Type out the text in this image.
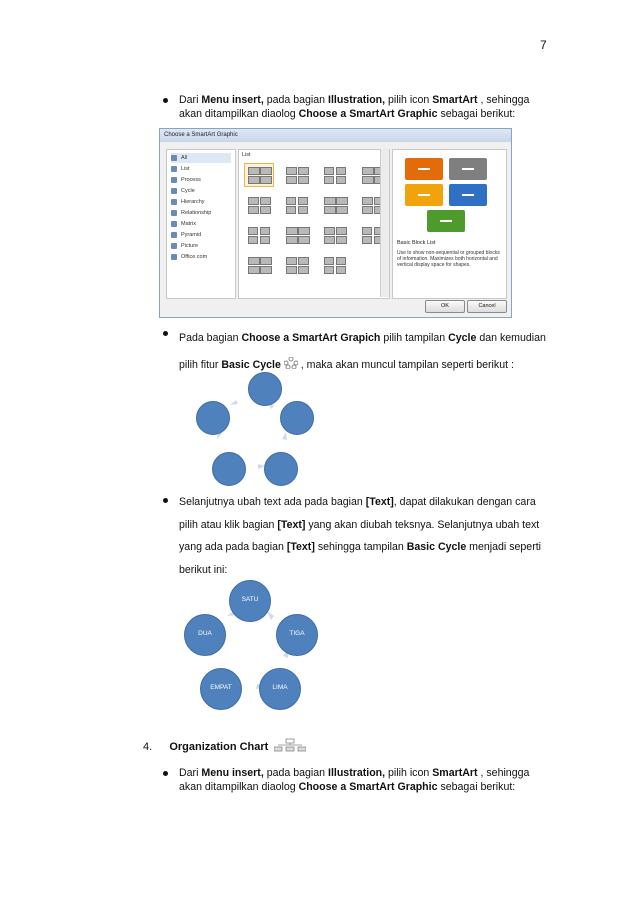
7
Dari Menu insert, pada bagian Illustration, pilih icon SmartArt , sehingga
akan ditampilkan diaolog Choose a SmartArt Graphic sebagai berikut:
Choose a SmartArt Graphic
All
List
Process
Cycle
Hierarchy
Relationship
Matrix
Pyramid
Picture
Office.com
List
Basic Block List
Use to show non-sequential or grouped blocks of information. Maximizes both horizontal and vertical display space for shapes.
OK	Cancel
Pada bagian Choose a SmartArt Grapich pilih tampilan Cycle dan kemudian
pilih fitur Basic Cycle  , maka akan muncul tampilan seperti berikut :
Selanjutnya ubah text ada pada bagian [Text], dapat dilakukan dengan cara
pilih atau klik bagian [Text] yang akan diubah teksnya. Selanjutnya ubah text
yang ada pada bagian [Text] sehingga tampilan Basic Cycle menjadi seperti
berikut ini:
SATU
TIGA
LIMA
EMPAT
DUA
4. Organization Chart
Dari Menu insert, pada bagian Illustration, pilih icon SmartArt , sehingga
akan ditampilkan diaolog Choose a SmartArt Graphic sebagai berikut:
